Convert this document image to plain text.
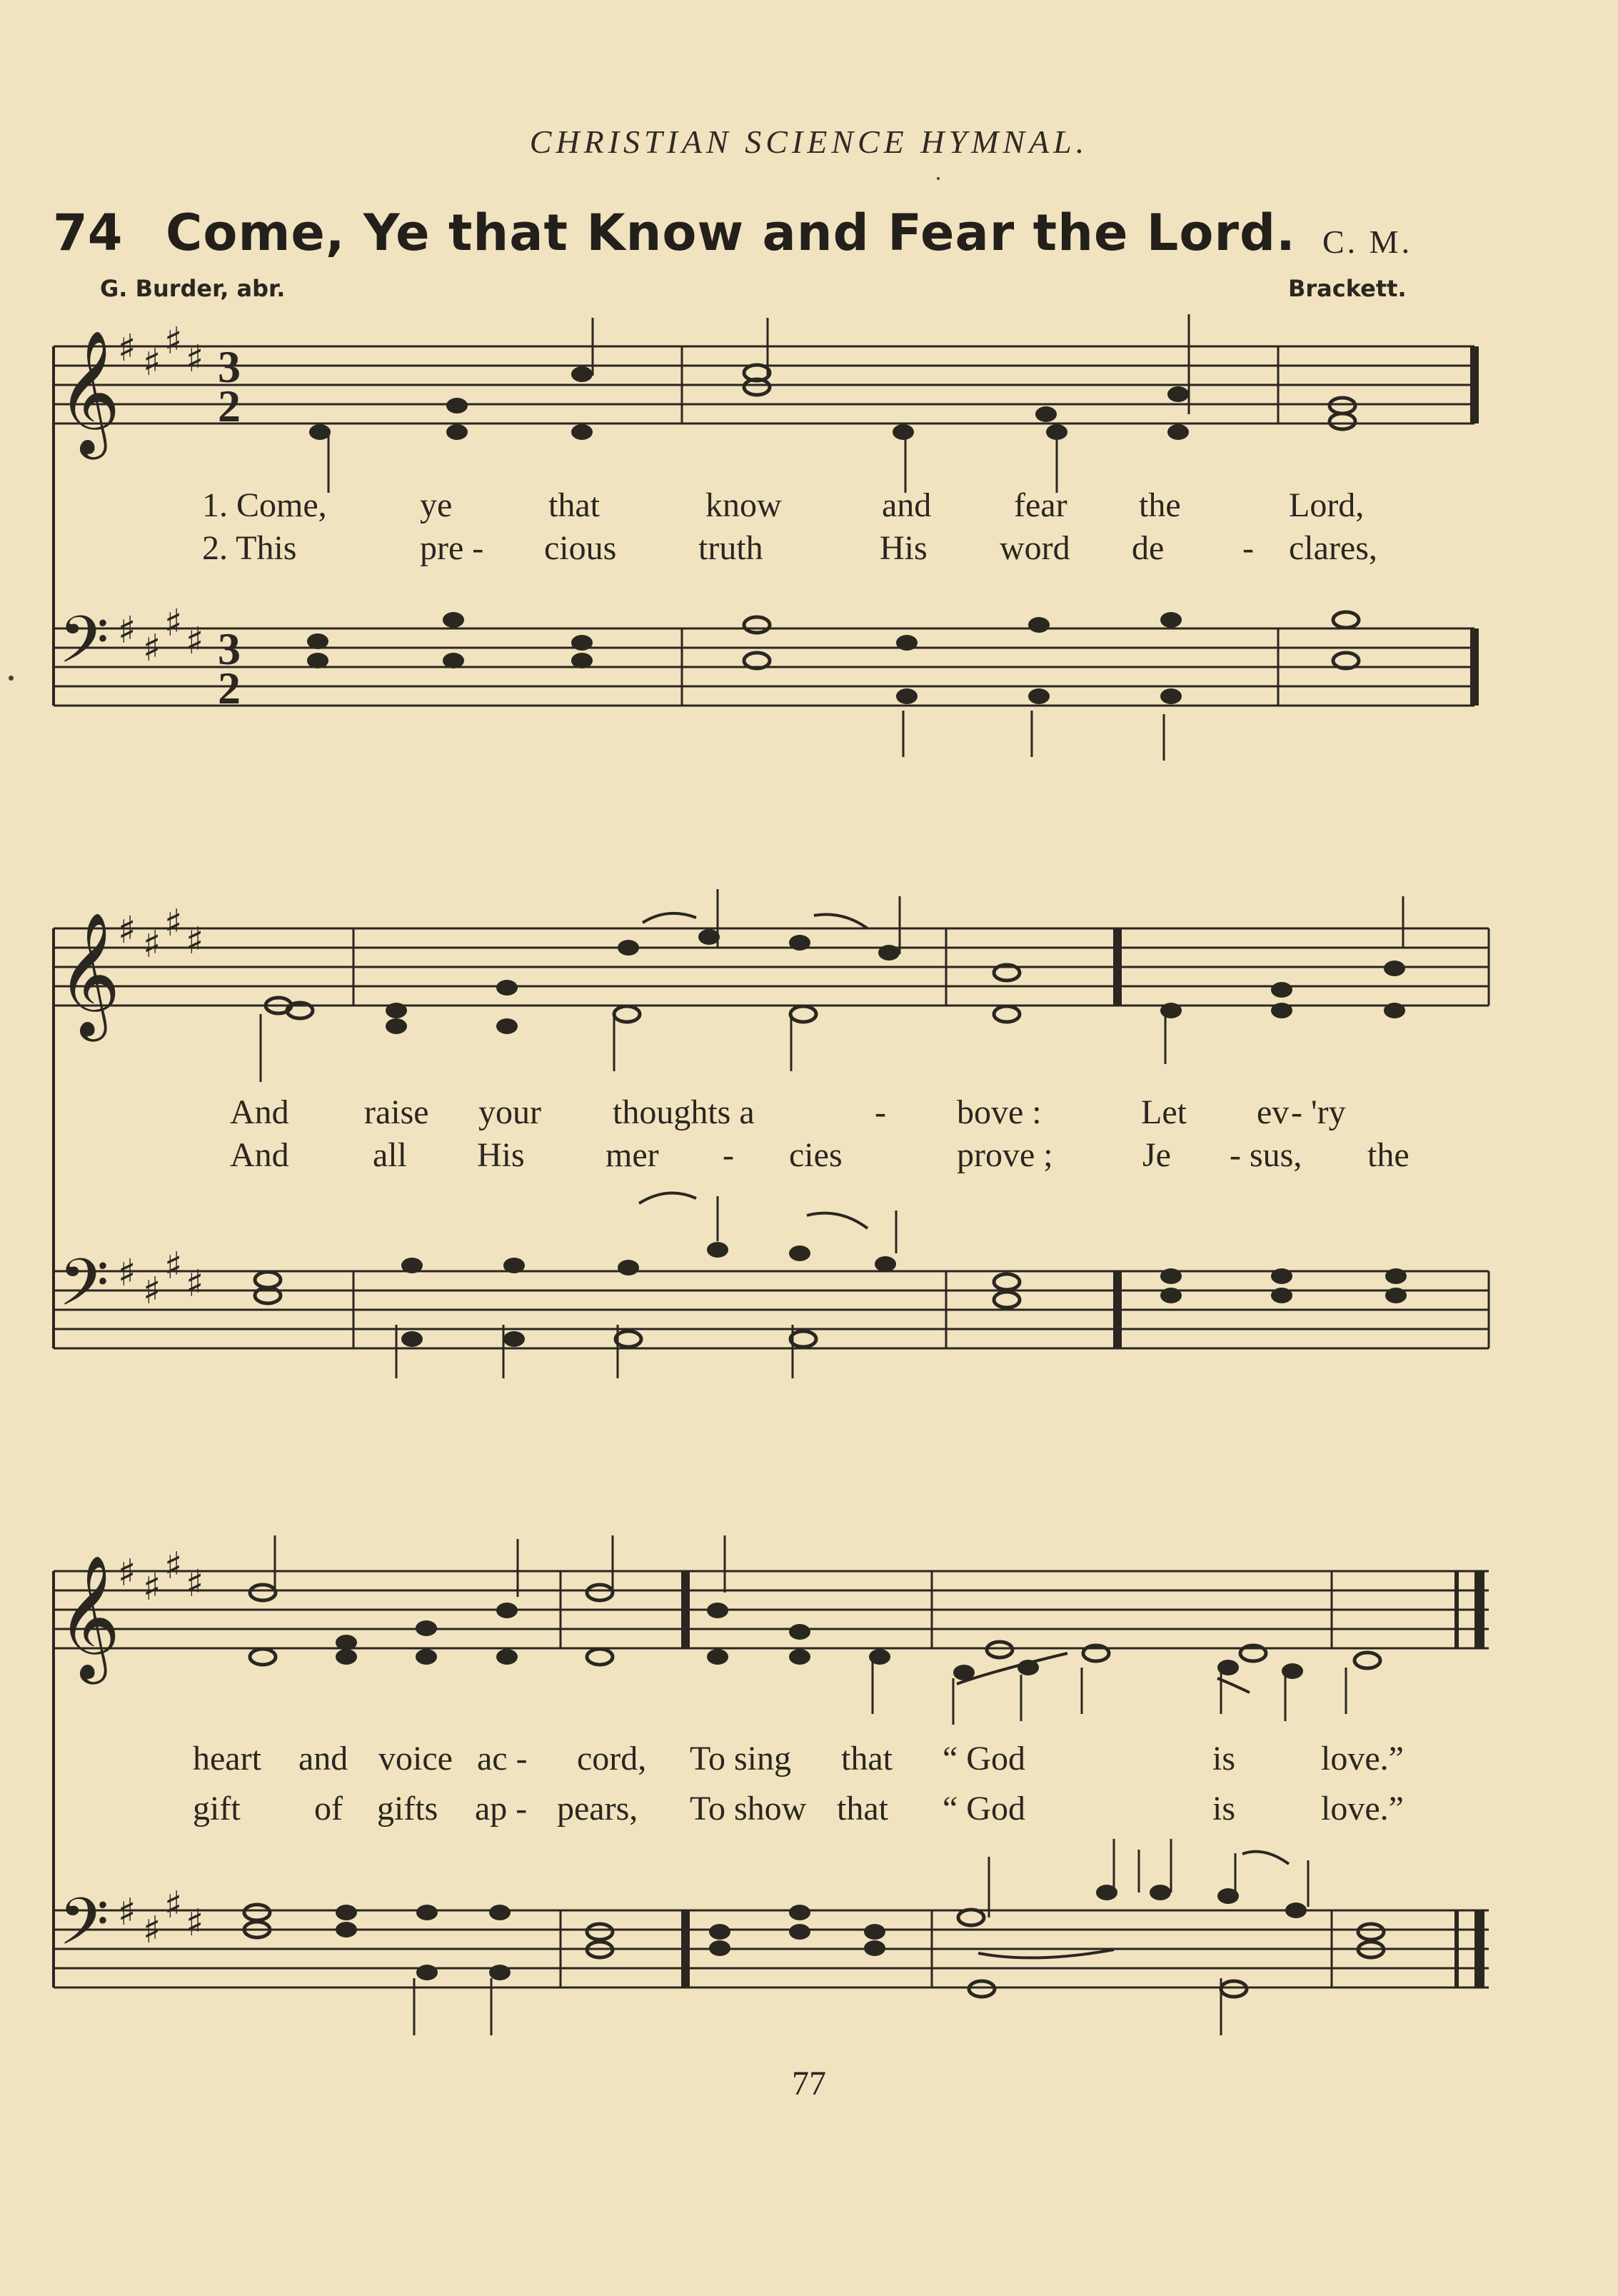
CHRISTIAN SCIENCE HYMNAL.
74 Come, Ye that Know and Fear the Lord. C. M.
G. Burder, abr.	Brackett.
𝄞
𝄢
♯ ♯ ♯ ♯
♯ ♯
♯ ♯
3
2
3
2
1. Come,	ye	that	know	and fear the	Lord,
2. This	pre - cious truth	His word de - clares,
𝄞
𝄢
♯ ♯ ♯ ♯
♯ ♯
♯ ♯
And raise your thoughts a	- bove :	Let ev - 'ry
And all His mer - cies	prove ;	Je - sus, the
𝄞
𝄢
♯ ♯ ♯ ♯
♯ ♯
♯ ♯
heart and voice ac - cord, To sing that “ God	is love.”
gift of gifts ap - pears, To show that “ God	is love.”
77
